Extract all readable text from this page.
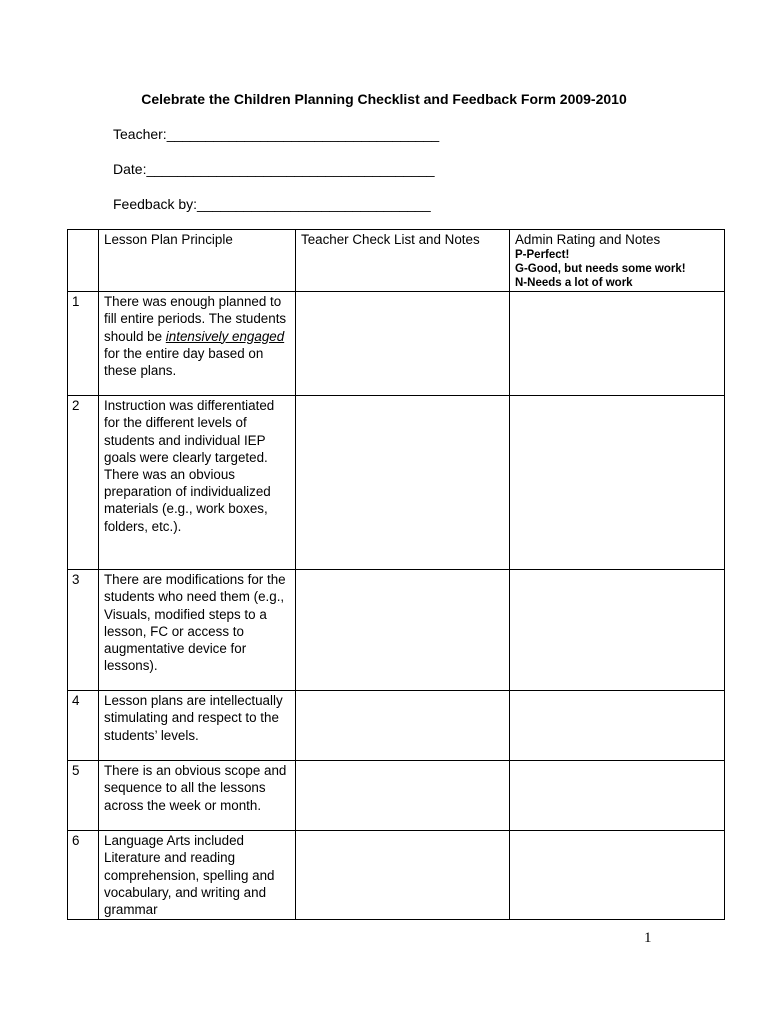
Celebrate the Children Planning Checklist and Feedback Form 2009-2010
Teacher:___________________________________
Date:_____________________________________
Feedback by:______________________________
	Lesson Plan Principle	Teacher Check List and Notes	Admin Rating and Notes
P-Perfect!
G-Good, but needs some work!
N-Needs a lot of work

1	There was enough planned to fill entire periods. The students should be intensively engaged for the entire day based on these plans.		
2	Instruction was differentiated for the different levels of students and individual IEP goals were clearly targeted. There was an obvious preparation of individualized materials (e.g., work boxes, folders, etc.).		
3	There are modifications for the students who need them (e.g., Visuals, modified steps to a lesson, FC or access to augmentative device for lessons).		
4	Lesson plans are intellectually stimulating and respect to the students’ levels.		
5	There is an obvious scope and sequence to all the lessons across the week or month.		
6	Language Arts included Literature and reading comprehension, spelling and vocabulary, and writing and grammar		
1
